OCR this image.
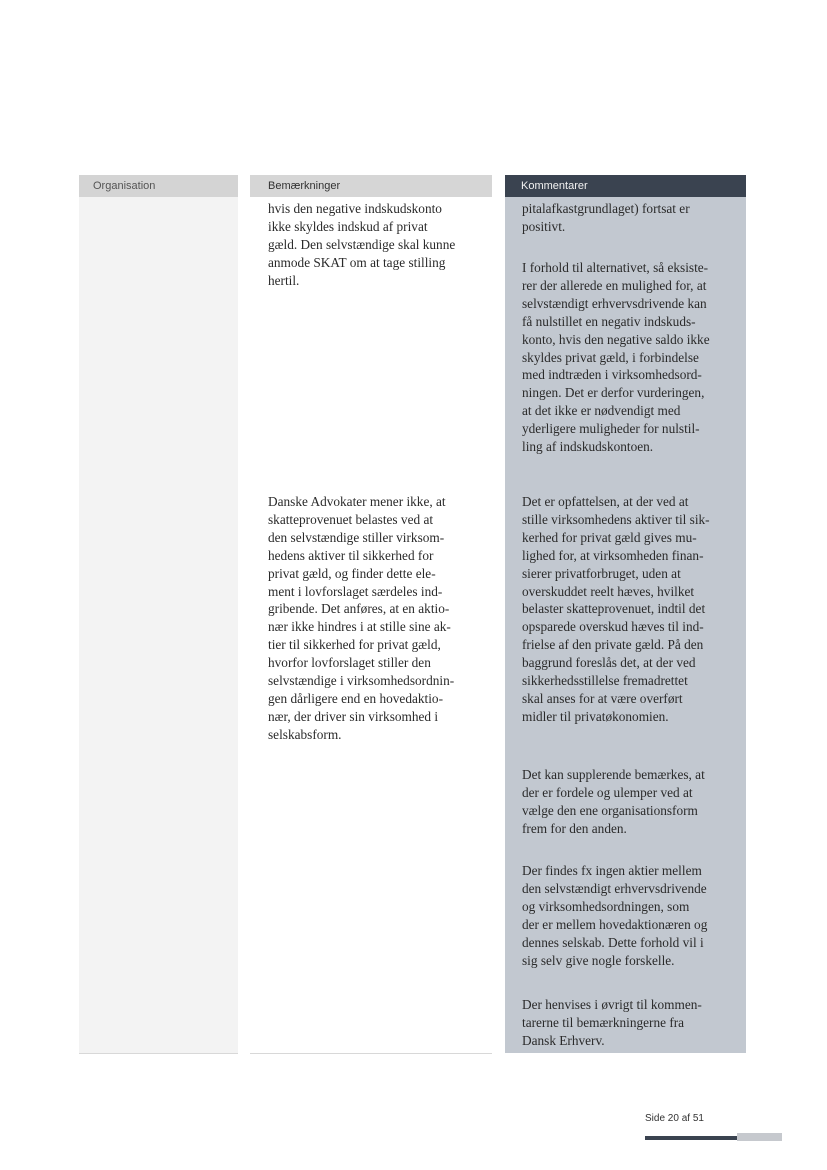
Organisation	Bemærkninger	Kommentarer
hvis den negative indskudskonto
ikke skyldes indskud af privat
gæld. Den selvstændige skal kunne
anmode SKAT om at tage stilling
hertil.
Danske Advokater mener ikke, at
skatteprovenuet belastes ved at
den selvstændige stiller virksom-
hedens aktiver til sikkerhed for
privat gæld, og finder dette ele-
ment i lovforslaget særdeles ind-
gribende. Det anføres, at en aktio-
nær ikke hindres i at stille sine ak-
tier til sikkerhed for privat gæld,
hvorfor lovforslaget stiller den
selvstændige i virksomhedsordnin-
gen dårligere end en hovedaktio-
nær, der driver sin virksomhed i
selskabsform.
pitalafkastgrundlaget) fortsat er
positivt.
I forhold til alternativet, så eksiste-
rer der allerede en mulighed for, at
selvstændigt erhvervsdrivende kan
få nulstillet en negativ indskuds-
konto, hvis den negative saldo ikke
skyldes privat gæld, i forbindelse
med indtræden i virksomhedsord-
ningen. Det er derfor vurderingen,
at det ikke er nødvendigt med
yderligere muligheder for nulstil-
ling af indskudskontoen.
Det er opfattelsen, at der ved at
stille virksomhedens aktiver til sik-
kerhed for privat gæld gives mu-
lighed for, at virksomheden finan-
sierer privatforbruget, uden at
overskuddet reelt hæves, hvilket
belaster skatteprovenuet, indtil det
opsparede overskud hæves til ind-
frielse af den private gæld. På den
baggrund foreslås det, at der ved
sikkerhedsstillelse fremadrettet
skal anses for at være overført
midler til privatøkonomien.
Det kan supplerende bemærkes, at
der er fordele og ulemper ved at
vælge den ene organisationsform
frem for den anden.
Der findes fx ingen aktier mellem
den selvstændigt erhvervsdrivende
og virksomhedsordningen, som
der er mellem hovedaktionæren og
dennes selskab. Dette forhold vil i
sig selv give nogle forskelle.
Der henvises i øvrigt til kommen-
tarerne til bemærkningerne fra
Dansk Erhverv.
Side 20 af 51
